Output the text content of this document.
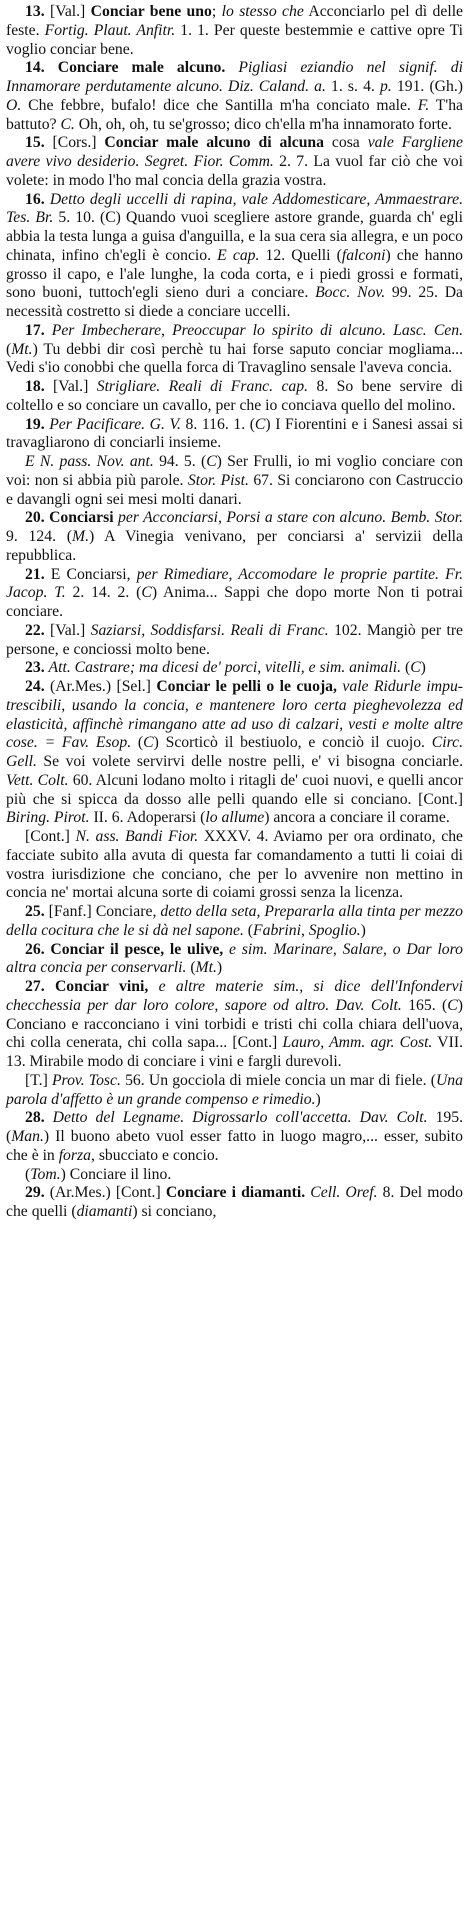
13. [Val.] Conciar bene uno; lo stesso che Acconciarlo pel dì delle feste. Fortig. Plaut. Anfitr. 1. 1. Per queste bestemmie e cattive opre Ti voglio conciar bene.

14. Conciare male alcuno. Pigliasi eziandio nel signif. di Innamorare perdutamente alcuno. Diz. Caland. a. 1. s. 4. p. 191. (Gh.) O. Che febbre, bufalo! dice che Santilla m'ha conciato male. F. T'ha battuto? C. Oh, oh, oh, tu se'grosso; dico ch'ella m'ha innamorato forte.

15. [Cors.] Conciar male alcuno di alcuna cosa vale Fargliene avere vivo desiderio. Segret. Fior. Comm. 2. 7. La vuol far ciò che voi volete: in modo l'ho mal concia della grazia vostra.

16. Detto degli uccelli di rapina, vale Addomesticare, Ammaestrare. Tes. Br. 5. 10. (C) Quando vuoi scegliere astore grande, guarda ch' egli abbia la testa lunga a guisa d'anguilla, e la sua cera sia allegra, e un poco chinata, infino ch'egli è concio. E cap. 12. Quelli (falconi) che hanno grosso il capo, e l'ale lunghe, la coda corta, e i piedi grossi e formati, sono buoni, tuttoch'egli sieno duri a conciare. Bocc. Nov. 99. 25. Da necessità costretto si diede a conciare uccelli.

17. Per Imbecherare, Preoccupar lo spirito di alcuno. Lasc. Cen. (Mt.) Tu debbi dir così perchè tu hai forse saputo conciar mogliama... Vedi s'io conobbi che quella forca di Travaglino sensale l'aveva concia.

18. [Val.] Strigliare. Reali di Franc. cap. 8. So bene servire di coltello e so conciare un cavallo, per che io conciava quello del molino.

19. Per Pacificare. G. V. 8. 116. 1. (C) I Fiorentini e i Sanesi assai si travagliarono di conciarli insieme.

E N. pass. Nov. ant. 94. 5. (C) Ser Frulli, io mi voglio conciare con voi: non si abbia più parole. Stor. Pist. 67. Si conciarono con Castruccio e davangli ogni sei mesi molti danari.

20. Conciarsi per Acconciarsi, Porsi a stare con alcuno. Bemb. Stor. 9. 124. (M.) A Vinegia venivano, per conciarsi a' servizii della repubblica.

21. E Conciarsi, per Rimediare, Accomodare le proprie partite. Fr. Jacop. T. 2. 14. 2. (C) Anima... Sappi che dopo morte Non ti potrai conciare.

22. [Val.] Saziarsi, Soddisfarsi. Reali di Franc. 102. Mangiò per tre persone, e conciossi molto bene.

23. Att. Castrare; ma dicesi de' porci, vitelli, e sim. animali. (C)

24. (Ar.Mes.) [Sel.] Conciar le pelli o le cuoja, vale Ridurle imputrescibili, usando la concia, e mantenere loro certa pieghevolezza ed elasticità, affinchè rimangano atte ad uso di calzari, vesti e molte altre cose. = Fav. Esop. (C) Scorticò il bestiuolo, e conciò il cuojo. Circ. Gell. Se voi volete servirvi delle nostre pelli, e' vi bisogna conciarle. Vett. Colt. 60. Alcuni lodano molto i ritagli de' cuoi nuovi, e quelli ancor più che si spicca da dosso alle pelli quando elle si conciano. [Cont.] Biring. Pirot. II. 6. Adoperarsi (lo allume) ancora a conciare il corame.

[Cont.] N. ass. Bandi Fior. XXXV. 4. Aviamo per ora ordinato, che facciate subito alla avuta di questa far comandamento a tutti li coiai di vostra iurisdizione che conciano, che per lo avvenire non mettino in concia ne' mortai alcuna sorte di coiami grossi senza la licenza.

25. [Fanf.] Conciare, detto della seta, Prepararla alla tinta per mezzo della cocitura che le si dà nel sapone. (Fabrini, Spoglio.)

26. Conciar il pesce, le ulive, e sim. Marinare, Salare, o Dar loro altra concia per conservarli. (Mt.)

27. Conciar vini, e altre materie sim., si dice dell'Infondervi checchessia per dar loro colore, sapore od altro. Dav. Colt. 165. (C) Conciano e racconciano i vini torbidi e tristi chi colla chiara dell'uova, chi colla cenerata, chi colla sapa... [Cont.] Lauro, Amm. agr. Cost. VII. 13. Mirabile modo di conciare i vini e fargli durevoli.

[T.] Prov. Tosc. 56. Un gocciola di miele concia un mar di fiele. (Una parola d'affetto è un grande compenso e rimedio.)

28. Detto del Legname. Digrossarlo coll'accetta. Dav. Colt. 195. (Man.) Il buono abeto vuol esser fatto in luogo magro,... esser, subito che è in forza, sbucciato e concio.

(Tom.) Conciare il lino.

29. (Ar.Mes.) [Cont.] Conciare i diamanti. Cell. Oref. 8. Del modo che quelli (diamanti) si conciano,
